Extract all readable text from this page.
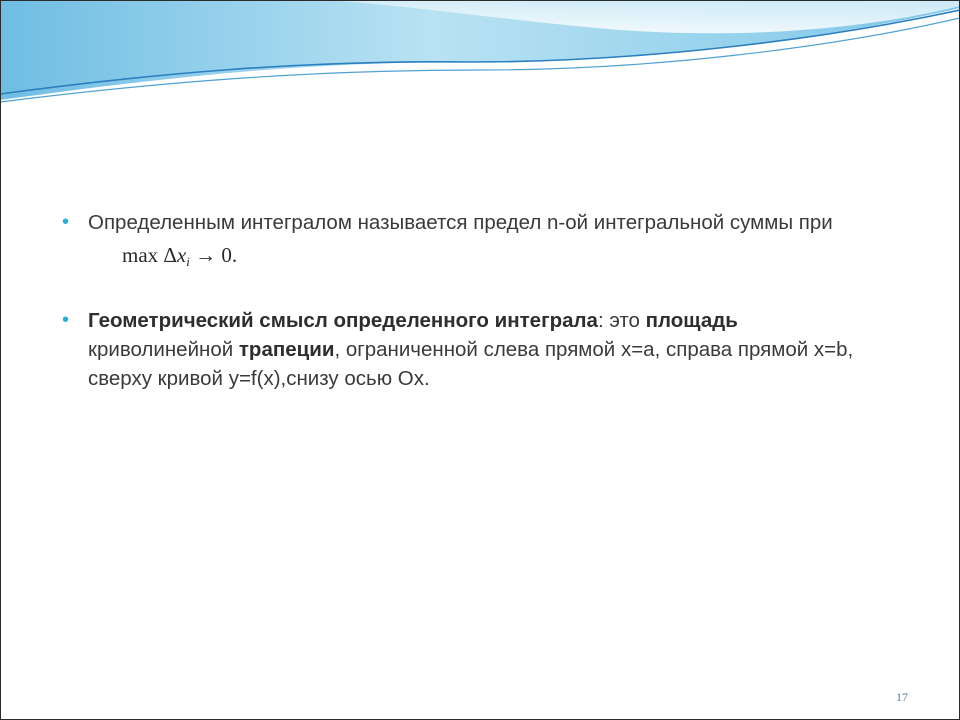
• Определенным интегралом называется предел n-ой интегральной суммы при $\max \Delta x_i \to 0$.
• Геометрический смысл определенного интеграла: это площадь криволинейной трапеции, ограниченной слева прямой x=a, справа прямой x=b, сверху кривой y=f(x),снизу осью Ox.
17
